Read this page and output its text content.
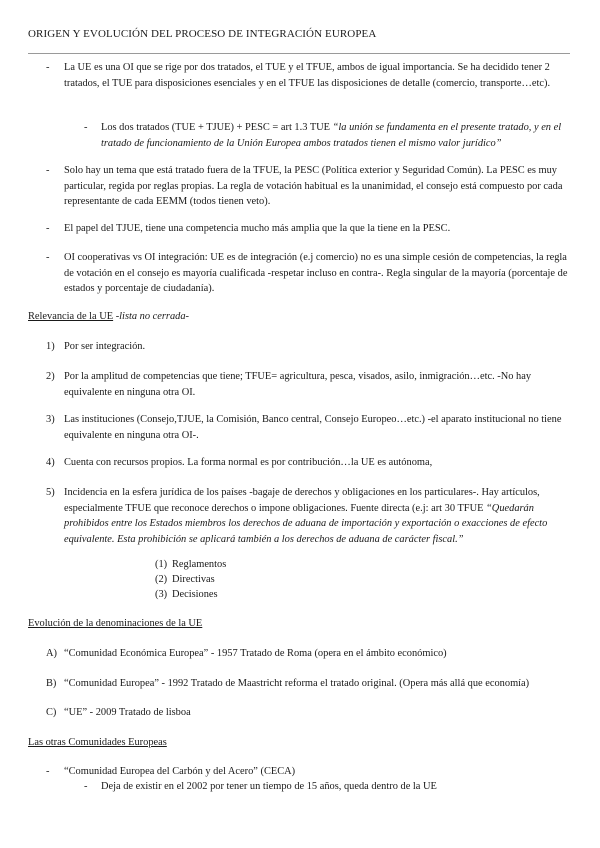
ORIGEN Y EVOLUCIÓN DEL PROCESO DE INTEGRACIÓN EUROPEA
- La UE es una OI que se rige por dos tratados, el TUE y el TFUE, ambos de igual importancia. Se ha decidido tener 2 tratados, el TUE para disposiciones esenciales y en el TFUE las disposiciones de detalle (comercio, transporte…etc).
- Los dos tratados (TUE + TJUE) + PESC = art 1.3 TUE “la unión se fundamenta en el presente tratado, y en el tratado de funcionamiento de la Unión Europea ambos tratados tienen el mismo valor jurídico”
- Solo hay un tema que está tratado fuera de la TFUE, la PESC (Política exterior y Seguridad Común). La PESC es muy particular, regida por reglas propias. La regla de votación habitual es la unanimidad, el consejo está compuesto por cada representante de cada EEMM (todos tienen veto).
- El papel del TJUE, tiene una competencia mucho más amplia que la que la tiene en la PESC.
- OI cooperativas vs OI integración: UE es de integración (e.j comercio) no es una simple cesión de competencias, la regla de votación en el consejo es mayoría cualificada -respetar incluso en contra-. Regla singular de la mayoría (porcentaje de estados y porcentaje de ciudadanía).
Relevancia de la UE -lista no cerrada-
1) Por ser integración.
2) Por la amplitud de competencias que tiene; TFUE= agricultura, pesca, visados, asilo, inmigración…etc. -No hay equivalente en ninguna otra OI.
3) Las instituciones (Consejo,TJUE, la Comisión, Banco central, Consejo Europeo…etc.) -el aparato institucional no tiene equivalente en ninguna otra OI-.
4) Cuenta con recursos propios. La forma normal es por contribución…la UE es autónoma,
5) Incidencia en la esfera jurídica de los países -bagaje de derechos y obligaciones en los particulares-. Hay artículos, especialmente TFUE que reconoce derechos o impone obligaciones. Fuente directa (e.j: art 30 TFUE “Quedarán prohibidos entre los Estados miembros los derechos de aduana de importación y exportación o exacciones de efecto equivalente. Esta prohibición se aplicará también a los derechos de aduana de carácter fiscal.”
(1) Reglamentos
(2) Directivas
(3) Decisiones
Evolución de la denominaciones de la UE
A) “Comunidad Económica Europea” - 1957 Tratado de Roma (opera en el ámbito económico)
B) “Comunidad Europea” - 1992 Tratado de Maastricht reforma el tratado original. (Opera más allá que economía)
C) “UE” - 2009 Tratado de lisboa
Las otras Comunidades Europeas
- “Comunidad Europea del Carbón y del Acero” (CECA)
- Deja de existir en el 2002 por tener un tiempo de 15 años, queda dentro de la UE
